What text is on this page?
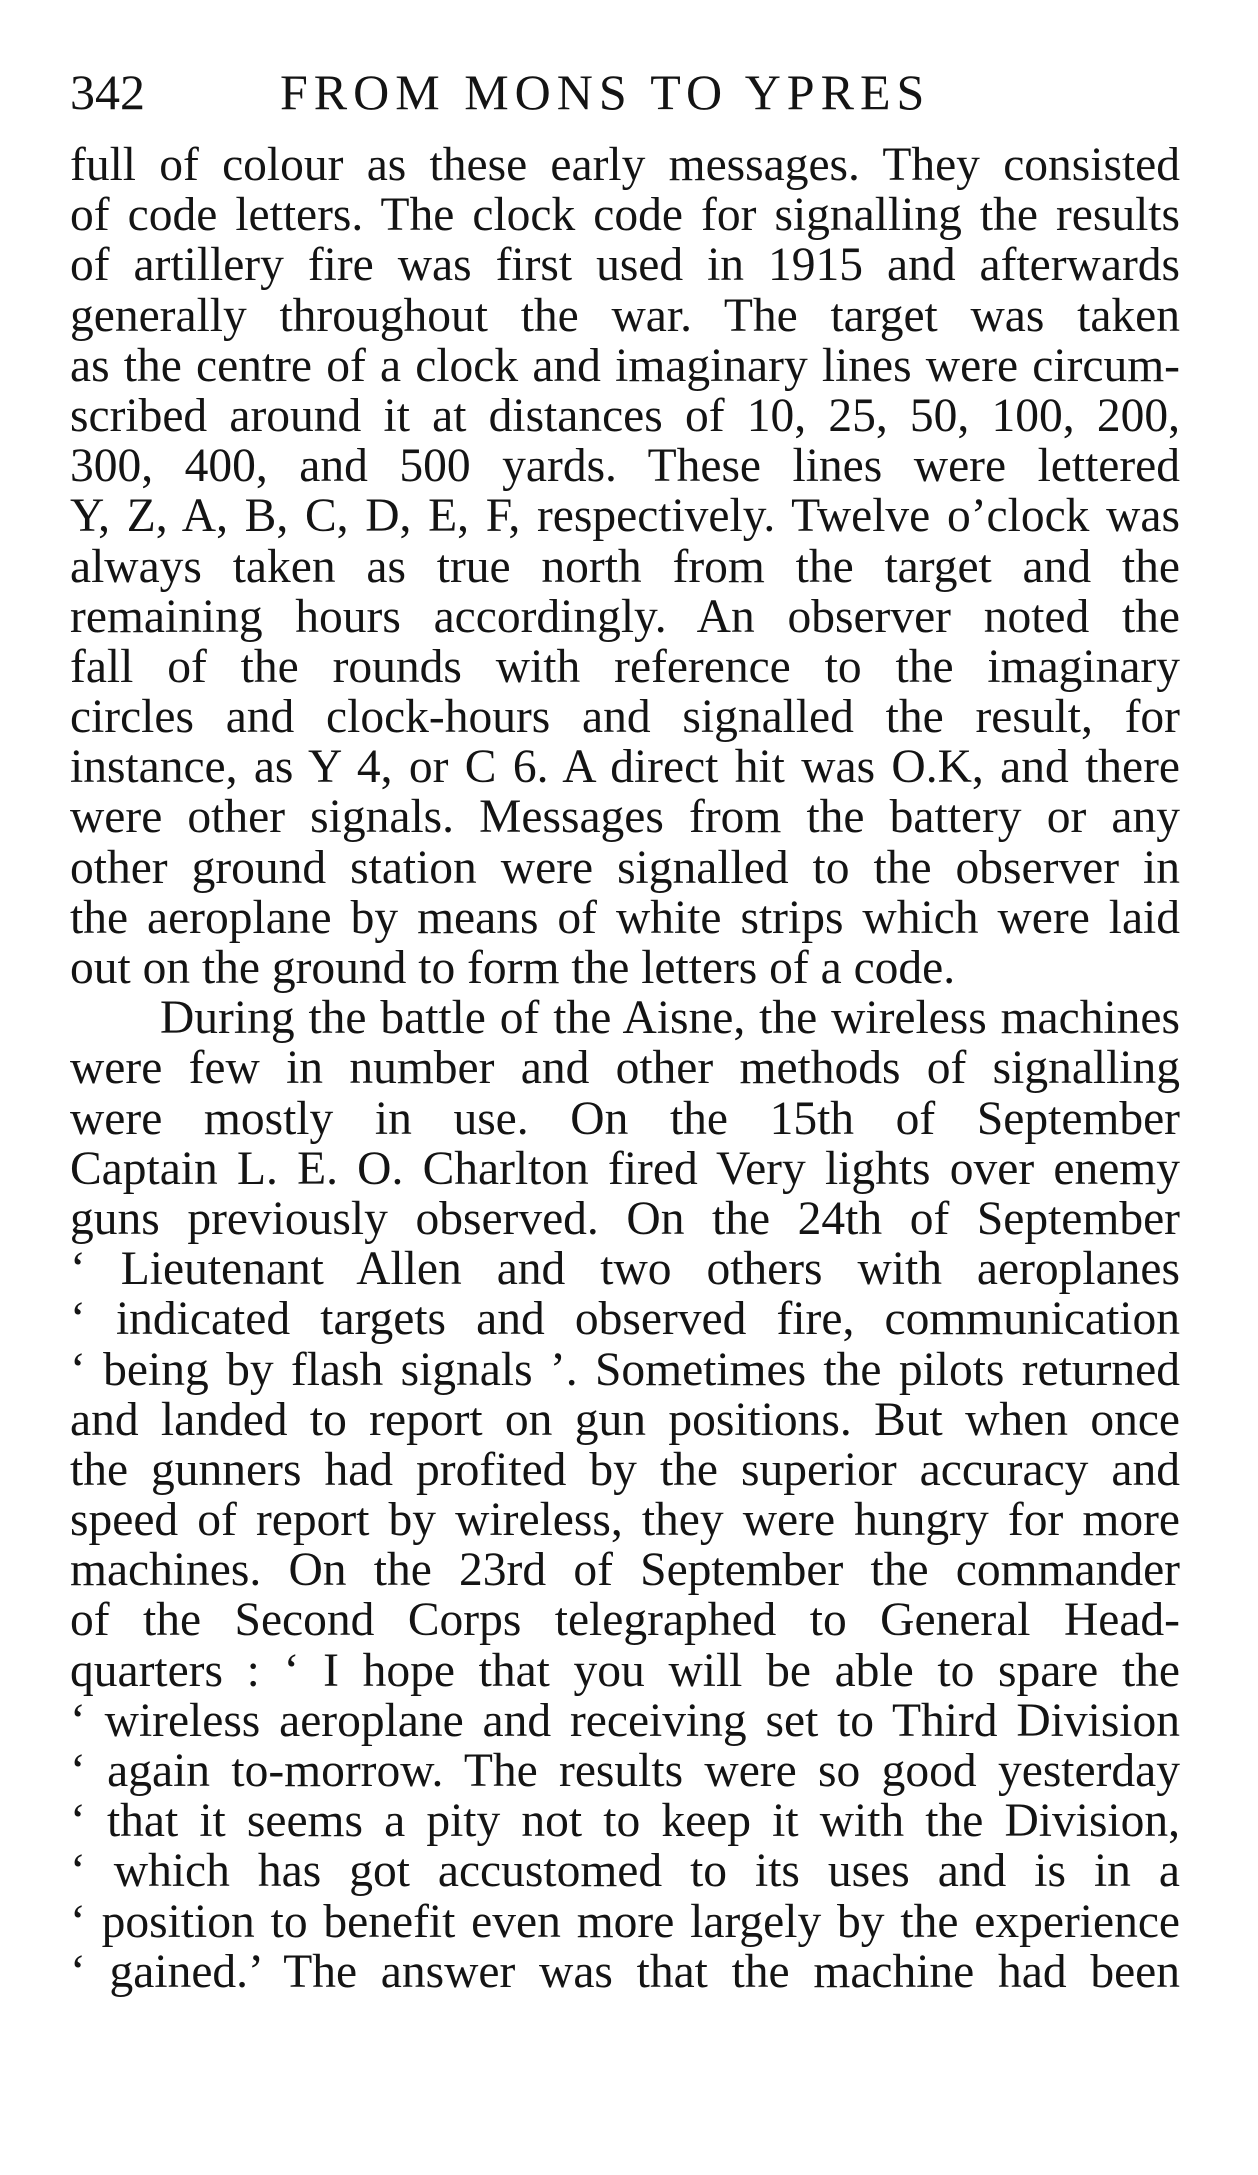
342	FROM MONS TO YPRES
full of colour as these early messages. They consisted
of code letters. The clock code for signalling the results
of artillery fire was first used in 1915 and afterwards
generally throughout the war. The target was taken
as the centre of a clock and imaginary lines were circum-
scribed around it at distances of 10, 25, 50, 100, 200,
300, 400, and 500 yards. These lines were lettered
Y, Z, A, B, C, D, E, F, respectively. Twelve o’clock was
always taken as true north from the target and the
remaining hours accordingly. An observer noted the
fall of the rounds with reference to the imaginary
circles and clock-hours and signalled the result, for
instance, as Y 4, or C 6. A direct hit was O.K, and there
were other signals. Messages from the battery or any
other ground station were signalled to the observer in
the aeroplane by means of white strips which were laid
out on the ground to form the letters of a code.
During the battle of the Aisne, the wireless machines
were few in number and other methods of signalling
were mostly in use. On the 15th of September
Captain L. E. O. Charlton fired Very lights over enemy
guns previously observed. On the 24th of September
‘ Lieutenant Allen and two others with aeroplanes
‘ indicated targets and observed fire, communication
‘ being by flash signals ’. Sometimes the pilots returned
and landed to report on gun positions. But when once
the gunners had profited by the superior accuracy and
speed of report by wireless, they were hungry for more
machines. On the 23rd of September the commander
of the Second Corps telegraphed to General Head-
quarters : ‘ I hope that you will be able to spare the
‘ wireless aeroplane and receiving set to Third Division
‘ again to-morrow. The results were so good yesterday
‘ that it seems a pity not to keep it with the Division,
‘ which has got accustomed to its uses and is in a
‘ position to benefit even more largely by the experience
‘ gained.’ The answer was that the machine had been
